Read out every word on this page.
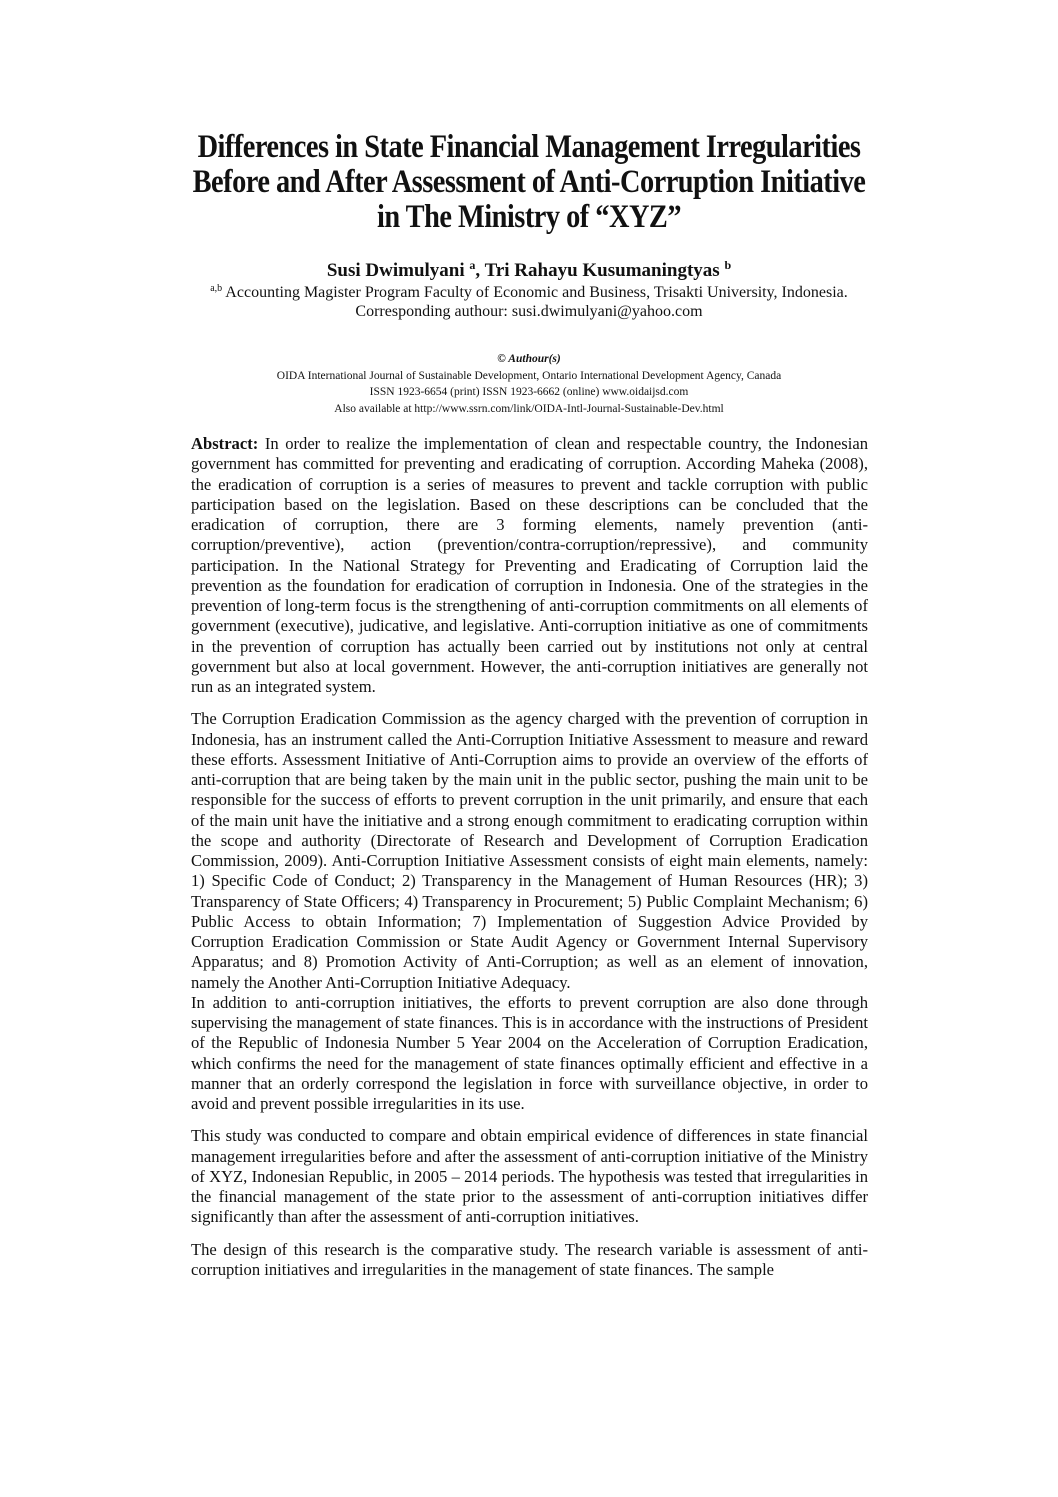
Differences in State Financial Management Irregularities
Before and After Assessment of Anti-Corruption Initiative
in The Ministry of “XYZ”
Susi Dwimulyani $^a$, Tri Rahayu Kusumaningtyas $^b$
$^{a,b}$ Accounting Magister Program Faculty of Economic and Business, Trisakti University, Indonesia.
Corresponding authour: susi.dwimulyani@yahoo.com
© Authour(s)
OIDA International Journal of Sustainable Development, Ontario International Development Agency, Canada
ISSN 1923-6654 (print) ISSN 1923-6662 (online) www.oidaijsd.com
Also available at http://www.ssrn.com/link/OIDA-Intl-Journal-Sustainable-Dev.html

Abstract: In order to realize the implementation of clean and respectable country, the Indonesian government has committed for preventing and eradicating of corruption. According Maheka (2008), the eradication of corruption is a series of measures to prevent and tackle corruption with public participation based on the legislation. Based on these descriptions can be concluded that the eradication of corruption, there are 3 forming elements, namely prevention (anti-corruption/preventive), action (prevention/contra-corruption/repressive), and community participation. In the National Strategy for Preventing and Eradicating of Corruption laid the prevention as the foundation for eradication of corruption in Indonesia. One of the strategies in the prevention of long-term focus is the strengthening of anti-corruption commitments on all elements of government (executive), judicative, and legislative. Anti-corruption initiative as one of commitments in the prevention of corruption has actually been carried out by institutions not only at central government but also at local government. However, the anti-corruption initiatives are generally not run as an integrated system.

The Corruption Eradication Commission as the agency charged with the prevention of corruption in Indonesia, has an instrument called the Anti-Corruption Initiative Assessment to measure and reward these efforts. Assessment Initiative of Anti-Corruption aims to provide an overview of the efforts of anti-corruption that are being taken by the main unit in the public sector, pushing the main unit to be responsible for the success of efforts to prevent corruption in the unit primarily, and ensure that each of the main unit have the initiative and a strong enough commitment to eradicating corruption within the scope and authority (Directorate of Research and Development of Corruption Eradication Commission, 2009). Anti-Corruption Initiative Assessment consists of eight main elements, namely: 1) Specific Code of Conduct; 2) Transparency in the Management of Human Resources (HR); 3) Transparency of State Officers; 4) Transparency in Procurement; 5) Public Complaint Mechanism; 6) Public Access to obtain Information; 7) Implementation of Suggestion Advice Provided by Corruption Eradication Commission or State Audit Agency or Government Internal Supervisory Apparatus; and 8) Promotion Activity of Anti-Corruption; as well as an element of innovation, namely the Another Anti-Corruption Initiative Adequacy.

In addition to anti-corruption initiatives, the efforts to prevent corruption are also done through supervising the management of state finances. This is in accordance with the instructions of President of the Republic of Indonesia Number 5 Year 2004 on the Acceleration of Corruption Eradication, which confirms the need for the management of state finances optimally efficient and effective in a manner that an orderly correspond the legislation in force with surveillance objective, in order to avoid and prevent possible irregularities in its use.

This study was conducted to compare and obtain empirical evidence of differences in state financial management irregularities before and after the assessment of anti-corruption initiative of the Ministry of XYZ, Indonesian Republic, in 2005 – 2014 periods. The hypothesis was tested that irregularities in the financial management of the state prior to the assessment of anti-corruption initiatives differ significantly than after the assessment of anti-corruption initiatives.

The design of this research is the comparative study. The research variable is assessment of anti-corruption initiatives and irregularities in the management of state finances. The sample
